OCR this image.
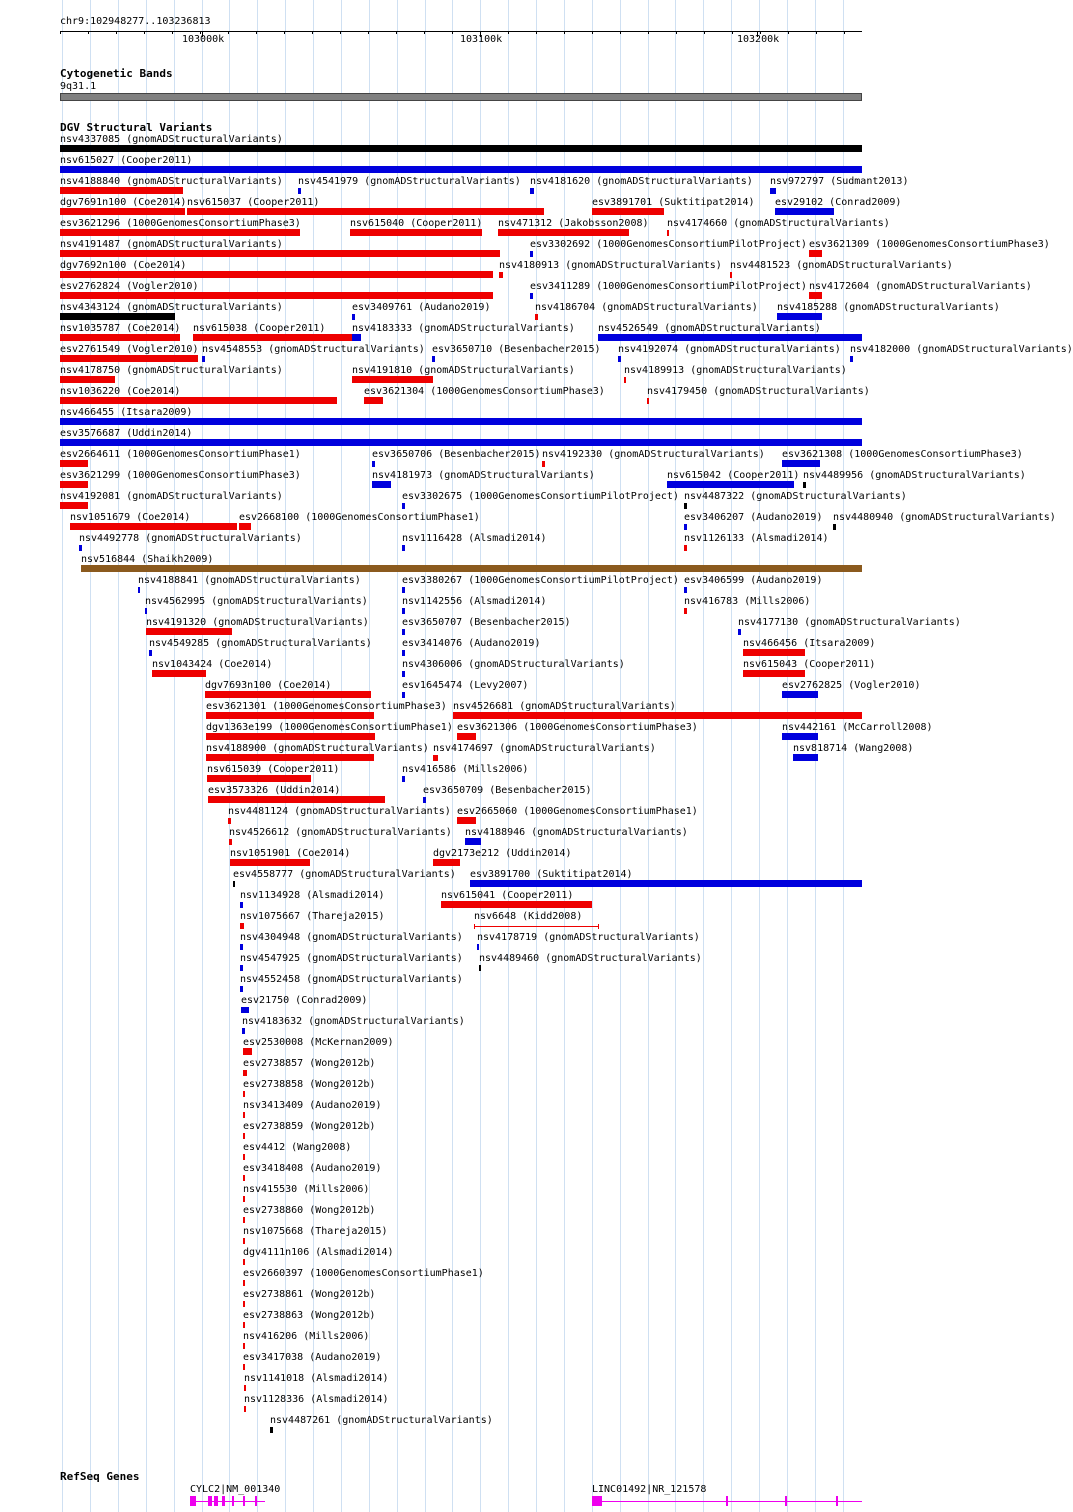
chr9:102948277..103236813
103000k	103100k	103200k
Cytogenetic Bands
9q31.1
DGV Structural Variants
nsv4337085 (gnomADStructuralVariants)
nsv615027 (Cooper2011)
nsv4188840 (gnomADStructuralVariants) nsv4541979 (gnomADStructuralVariants) nsv4181620 (gnomADStructuralVariants) nsv972797 (Sudmant2013)
dgv7691n100 (Coe2014) nsv615037 (Cooper2011)	esv3891701 (Suktitipat2014) esv29102 (Conrad2009)
esv3621296 (1000GenomesConsortiumPhase3)	nsv615040 (Cooper2011) nsv471312 (Jakobsson2008) nsv4174660 (gnomADStructuralVariants)
nsv4191487 (gnomADStructuralVariants)	esv3302692 (1000GenomesConsortiumPilotProject) esv3621309 (1000GenomesConsortiumPhase3)
dgv7692n100 (Coe2014)	nsv4180913 (gnomADStructuralVariants) nsv4481523 (gnomADStructuralVariants)
esv2762824 (Vogler2010)	esv3411289 (1000GenomesConsortiumPilotProject) nsv4172604 (gnomADStructuralVariants)
nsv4343124 (gnomADStructuralVariants)	esv3409761 (Audano2019)	nsv4186704 (gnomADStructuralVariants) nsv4185288 (gnomADStructuralVariants)
nsv1035787 (Coe2014) nsv615038 (Cooper2011)	nsv4183333 (gnomADStructuralVariants) nsv4526549 (gnomADStructuralVariants)
esv2761549 (Vogler2010) nsv4548553 (gnomADStructuralVariants) esv3650710 (Besenbacher2015) nsv4192074 (gnomADStructuralVariants) nsv4182000 (gnomADStructuralVariants)
nsv4178750 (gnomADStructuralVariants)	nsv4191810 (gnomADStructuralVariants)	nsv4189913 (gnomADStructuralVariants)
nsv1036220 (Coe2014)	esv3621304 (1000GenomesConsortiumPhase3)	nsv4179450 (gnomADStructuralVariants)
nsv466455 (Itsara2009)
esv3576687 (Uddin2014)
esv2664611 (1000GenomesConsortiumPhase1)	esv3650706 (Besenbacher2015) nsv4192330 (gnomADStructuralVariants) esv3621308 (1000GenomesConsortiumPhase3)
esv3621299 (1000GenomesConsortiumPhase3)	nsv4181973 (gnomADStructuralVariants)	nsv615042 (Cooper2011) nsv4489956 (gnomADStructuralVariants)
nsv4192081 (gnomADStructuralVariants)	esv3302675 (1000GenomesConsortiumPilotProject) nsv4487322 (gnomADStructuralVariants)
nsv1051679 (Coe2014)	esv2668100 (1000GenomesConsortiumPhase1)	esv3406207 (Audano2019) nsv4480940 (gnomADStructuralVariants)
nsv4492778 (gnomADStructuralVariants)	nsv1116428 (Alsmadi2014)	nsv1126133 (Alsmadi2014)
nsv516844 (Shaikh2009)
nsv4188841 (gnomADStructuralVariants)	esv3380267 (1000GenomesConsortiumPilotProject) esv3406599 (Audano2019)
nsv4562995 (gnomADStructuralVariants)	nsv1142556 (Alsmadi2014)	nsv416783 (Mills2006)
nsv4191320 (gnomADStructuralVariants)	esv3650707 (Besenbacher2015)	nsv4177130 (gnomADStructuralVariants)
nsv4549285 (gnomADStructuralVariants)	esv3414076 (Audano2019)	nsv466456 (Itsara2009)
nsv1043424 (Coe2014)	nsv4306006 (gnomADStructuralVariants)	nsv615043 (Cooper2011)
dgv7693n100 (Coe2014)	esv1645474 (Levy2007)	esv2762825 (Vogler2010)
esv3621301 (1000GenomesConsortiumPhase3) nsv4526681 (gnomADStructuralVariants)
dgv1363e199 (1000GenomesConsortiumPhase1) esv3621306 (1000GenomesConsortiumPhase3)	nsv442161 (McCarroll2008)
nsv4188900 (gnomADStructuralVariants) nsv4174697 (gnomADStructuralVariants)	nsv818714 (Wang2008)
nsv615039 (Cooper2011)	nsv416586 (Mills2006)
esv3573326 (Uddin2014)	esv3650709 (Besenbacher2015)
nsv4481124 (gnomADStructuralVariants) esv2665060 (1000GenomesConsortiumPhase1)
nsv4526612 (gnomADStructuralVariants) nsv4188946 (gnomADStructuralVariants)
nsv1051901 (Coe2014)	dgv2173e212 (Uddin2014)
esv4558777 (gnomADStructuralVariants) esv3891700 (Suktitipat2014)
nsv1134928 (Alsmadi2014)	nsv615041 (Cooper2011)
nsv1075667 (Thareja2015)	nsv6648 (Kidd2008)
nsv4304948 (gnomADStructuralVariants) nsv4178719 (gnomADStructuralVariants)
nsv4547925 (gnomADStructuralVariants) nsv4489460 (gnomADStructuralVariants)
nsv4552458 (gnomADStructuralVariants)
esv21750 (Conrad2009)
nsv4183632 (gnomADStructuralVariants)
esv2530008 (McKernan2009)
esv2738857 (Wong2012b)
esv2738858 (Wong2012b)
nsv3413409 (Audano2019)
esv2738859 (Wong2012b)
esv4412 (Wang2008)
esv3418408 (Audano2019)
nsv415530 (Mills2006)
esv2738860 (Wong2012b)
nsv1075668 (Thareja2015)
dgv4111n106 (Alsmadi2014)
esv2660397 (1000GenomesConsortiumPhase1)
esv2738861 (Wong2012b)
esv2738863 (Wong2012b)
nsv416206 (Mills2006)
esv3417038 (Audano2019)
nsv1141018 (Alsmadi2014)
nsv1128336 (Alsmadi2014)
nsv4487261 (gnomADStructuralVariants)
RefSeq Genes
CYLC2|NM_001340	LINC01492|NR_121578
